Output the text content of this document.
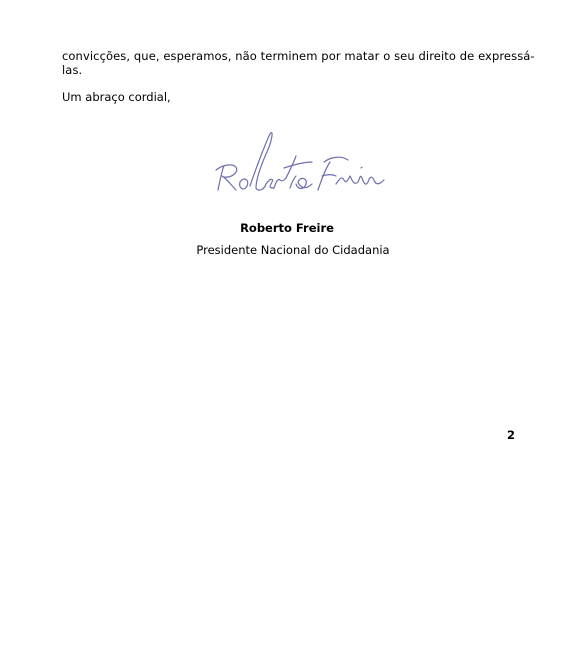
convicções, que, esperamos, não terminem por matar o seu direito de expressá-
las.
Um abraço cordial,
Roberto Freire
Presidente Nacional do Cidadania
2
